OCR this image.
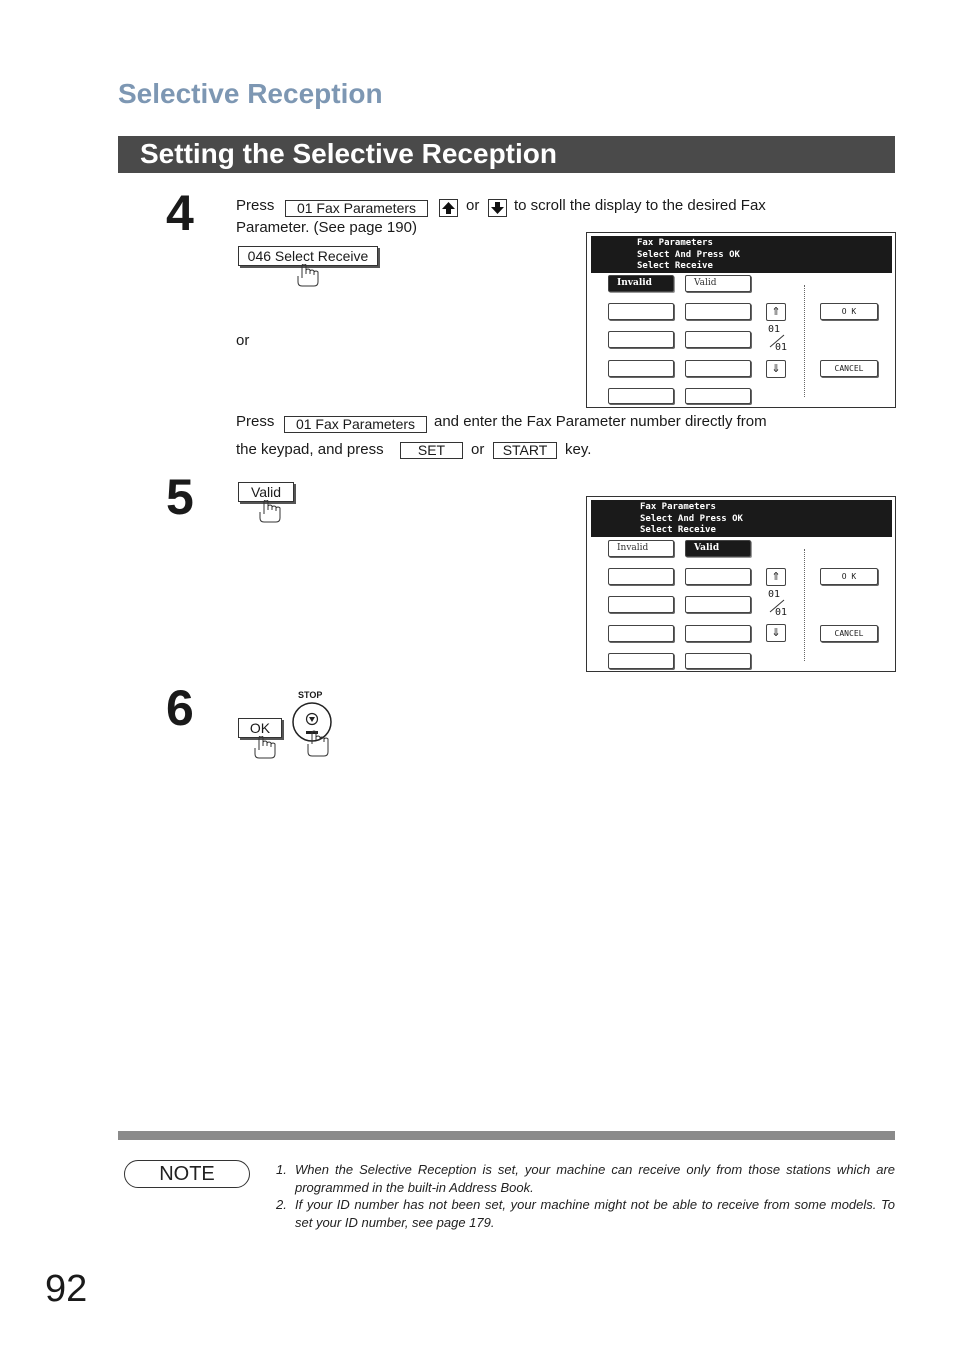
Selective Reception
Setting the Selective Reception
4	Press	01 Fax Parameters	or to scroll the display to the desired Fax
Parameter. (See page 190)
046 Select Receive
or
Press	01 Fax Parameters	and enter the Fax Parameter number directly from
the keypad, and press	SET	or	START	key.
Fax Parameters
Select And Press OK
Select Receive
Invalid	Valid
⇑
01
01
⇓
O K
CANCEL
5	Valid
Fax Parameters
Select And Press OK
Select Receive
Invalid	Valid
⇑
01
01
⇓
O K
CANCEL
6	OK
STOP
NOTE	1. When the Selective Reception is set, your machine can receive only from those stations which are programmed in the built-in Address Book.
2. If your ID number has not been set, your machine might not be able to receive from some models. To set your ID number, see page 179.
92
